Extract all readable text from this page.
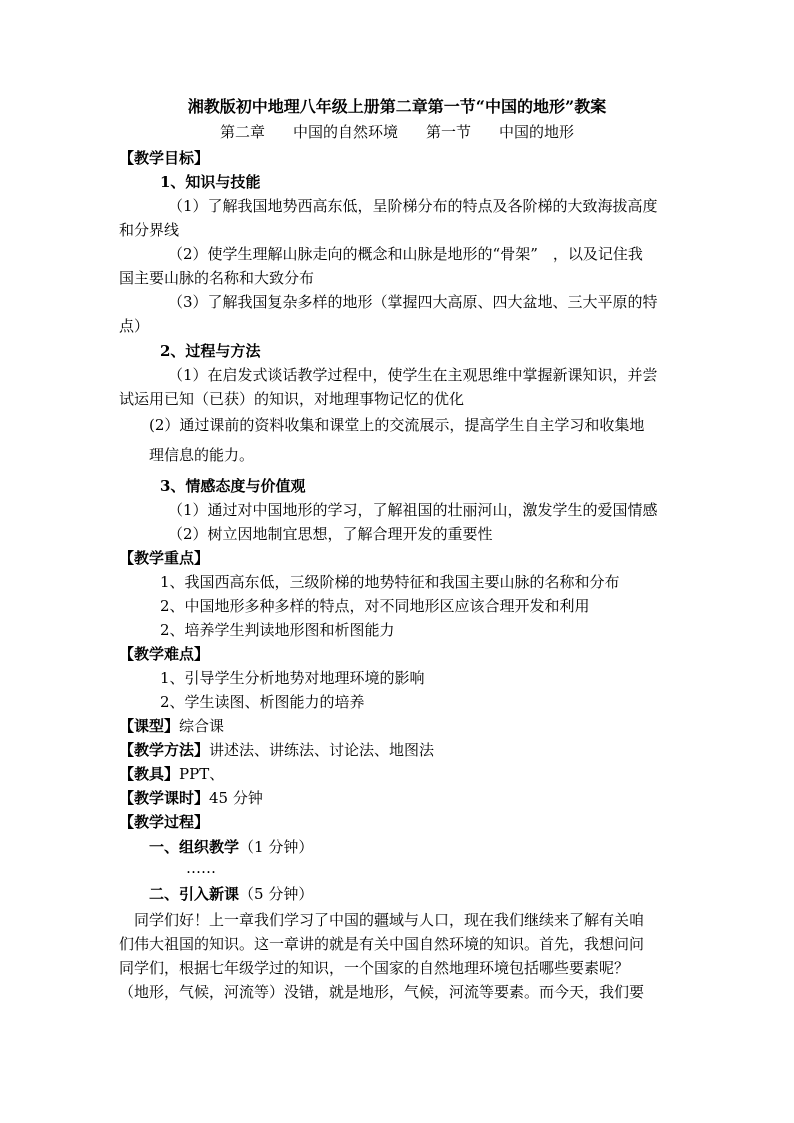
湘教版初中地理八年级上册第二章第一节“中国的地形”教案
第二章 中国的自然环境 第一节 中国的地形
【教学目标】
1、知识与技能
（1）了解我国地势西高东低，呈阶梯分布的特点及各阶梯的大致海拔高度
和分界线
（2）使学生理解山脉走向的概念和山脉是地形的“骨架”　，以及记住我
国主要山脉的名称和大致分布
（3）了解我国复杂多样的地形（掌握四大高原、四大盆地、三大平原的特
点）
2、过程与方法
（1）在启发式谈话教学过程中，使学生在主观思维中掌握新课知识，并尝
试运用已知（已获）的知识，对地理事物记忆的优化
(2）通过课前的资料收集和课堂上的交流展示，提高学生自主学习和收集地
理信息的能力。
3、情感态度与价值观
（1）通过对中国地形的学习，了解祖国的壮丽河山，激发学生的爱国情感
（2）树立因地制宜思想，了解合理开发的重要性
【教学重点】
1、我国西高东低，三级阶梯的地势特征和我国主要山脉的名称和分布
2、中国地形多种多样的特点，对不同地形区应该合理开发和利用
2、培养学生判读地形图和析图能力
【教学难点】
1、引导学生分析地势对地理环境的影响
2、学生读图、析图能力的培养
【课型】综合课
【教学方法】讲述法、讲练法、讨论法、地图法
【教具】PPT、
【教学课时】45 分钟
【教学过程】
一、组织教学（1 分钟）
……
二、引入新课（5 分钟）
　同学们好！上一章我们学习了中国的疆域与人口，现在我们继续来了解有关咱
们伟大祖国的知识。这一章讲的就是有关中国自然环境的知识。首先，我想问问
同学们，根据七年级学过的知识，一个国家的自然地理环境包括哪些要素呢？
（地形，气候，河流等）没错，就是地形，气候，河流等要素。而今天，我们要
